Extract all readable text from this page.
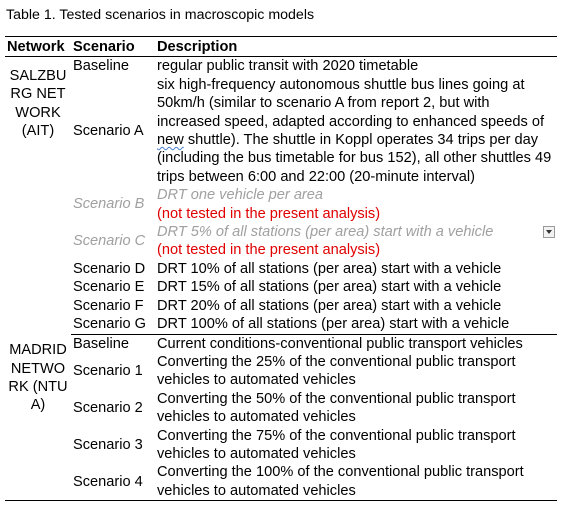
Table 1. Tested scenarios in macroscopic models
Network	Scenario	Description
SALZBURG NETWORK (AIT)	Baseline	regular public transit with 2020 timetable
	Scenario A	six high-frequency autonomous shuttle bus lines going at 50km/h (similar to scenario A from report 2, but with increased speed, adapted according to enhanced speeds of new shuttle). The shuttle in Koppl operates 34 trips per day (including the bus timetable for bus 152), all other shuttles 49 trips between 6:00 and 22:00 (20-minute interval)
	Scenario B	DRT one vehicle per area
(not tested in the present analysis)

	Scenario C	DRT 5% of all stations (per area) start with a vehicle
(not tested in the present analysis)

	Scenario D	DRT 10% of all stations (per area) start with a vehicle
	Scenario E	DRT 15% of all stations (per area) start with a vehicle
	Scenario F	DRT 20% of all stations (per area) start with a vehicle
	Scenario G	DRT 100% of all stations (per area) start with a vehicle
MADRID NETWORK (NTUA)	Baseline	Current conditions-conventional public transport vehicles
	Scenario 1	Converting the 25% of the conventional public transport vehicles to automated vehicles
	Scenario 2	Converting the 50% of the conventional public transport vehicles to automated vehicles
	Scenario 3	Converting the 75% of the conventional public transport vehicles to automated vehicles
	Scenario 4	Converting the 100% of the conventional public transport vehicles to automated vehicles
